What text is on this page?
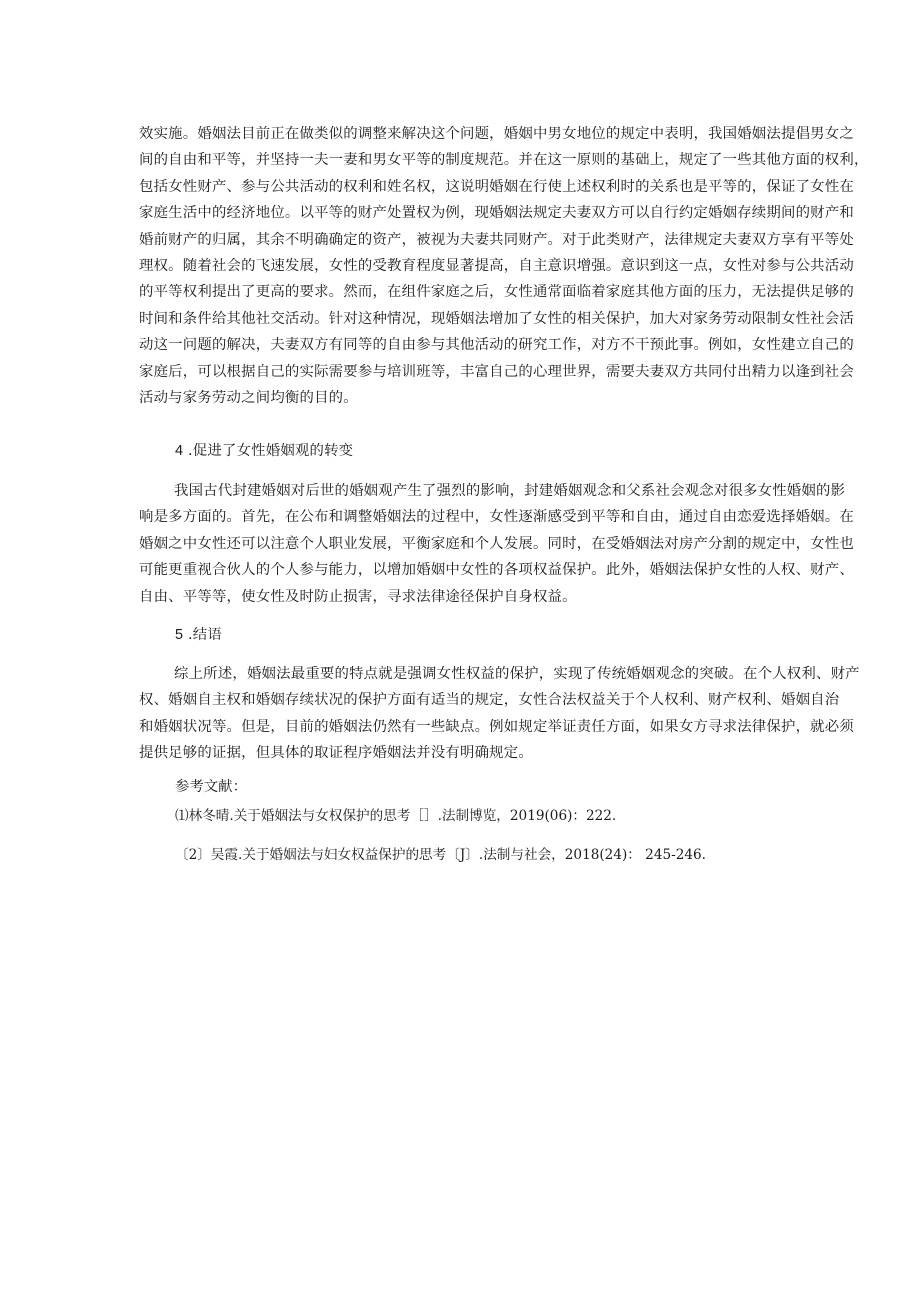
效实施。婚姻法目前正在做类似的调整来解决这个问题，婚姻中男女地位的规定中表明，我国婚姻法提倡男女之
间的自由和平等，并坚持一夫一妻和男女平等的制度规范。并在这一原则的基础上，规定了一些其他方面的权利，
包括女性财产、参与公共活动的权利和姓名权，这说明婚姻在行使上述权利时的关系也是平等的，保证了女性在
家庭生活中的经济地位。以平等的财产处置权为例，现婚姻法规定夫妻双方可以自行约定婚姻存续期间的财产和
婚前财产的归属，其余不明确确定的资产，被视为夫妻共同财产。对于此类财产，法律规定夫妻双方享有平等处
理权。随着社会的飞速发展，女性的受教育程度显著提高，自主意识增强。意识到这一点，女性对参与公共活动
的平等权利提出了更高的要求。然而，在组件家庭之后，女性通常面临着家庭其他方面的压力，无法提供足够的
时间和条件给其他社交活动。针对这种情况，现婚姻法增加了女性的相关保护，加大对家务劳动限制女性社会活
动这一问题的解决，夫妻双方有同等的自由参与其他活动的研究工作，对方不干预此事。例如，女性建立自己的
家庭后，可以根据自己的实际需要参与培训班等，丰富自己的心理世界，需要夫妻双方共同付出精力以逢到社会
活动与家务劳动之间均衡的目的。
4 .促进了女性婚姻观的转变
我国古代封建婚姻对后世的婚姻观产生了强烈的影响，封建婚姻观念和父系社会观念对很多女性婚姻的影
响是多方面的。首先，在公布和调整婚姻法的过程中，女性逐渐感受到平等和自由，通过自由恋爱选择婚姻。在
婚姻之中女性还可以注意个人职业发展，平衡家庭和个人发展。同时，在受婚姻法对房产分割的规定中，女性也
可能更重视合伙人的个人参与能力，以增加婚姻中女性的各项权益保护。此外，婚姻法保护女性的人权、财产、
自由、平等等，使女性及时防止损害，寻求法律途径保护自身权益。
5 .结语
综上所述，婚姻法最重要的特点就是强调女性权益的保护，实现了传统婚姻观念的突破。在个人权利、财产
权、婚姻自主权和婚姻存续状况的保护方面有适当的规定，女性合法权益关于个人权利、财产权利、婚姻自治
和婚姻状况等。但是，目前的婚姻法仍然有一些缺点。例如规定举证责任方面，如果女方寻求法律保护，就必须
提供足够的证据，但具体的取证程序婚姻法并没有明确规定。
参考文献：
⑴林冬晴.关于婚姻法与女权保护的思考［］.法制博览，2019(06)：222.
〔2〕吴霞.关于婚姻法与妇女权益保护的思考〔J〕.法制与社会，2018(24)： 245-246.
